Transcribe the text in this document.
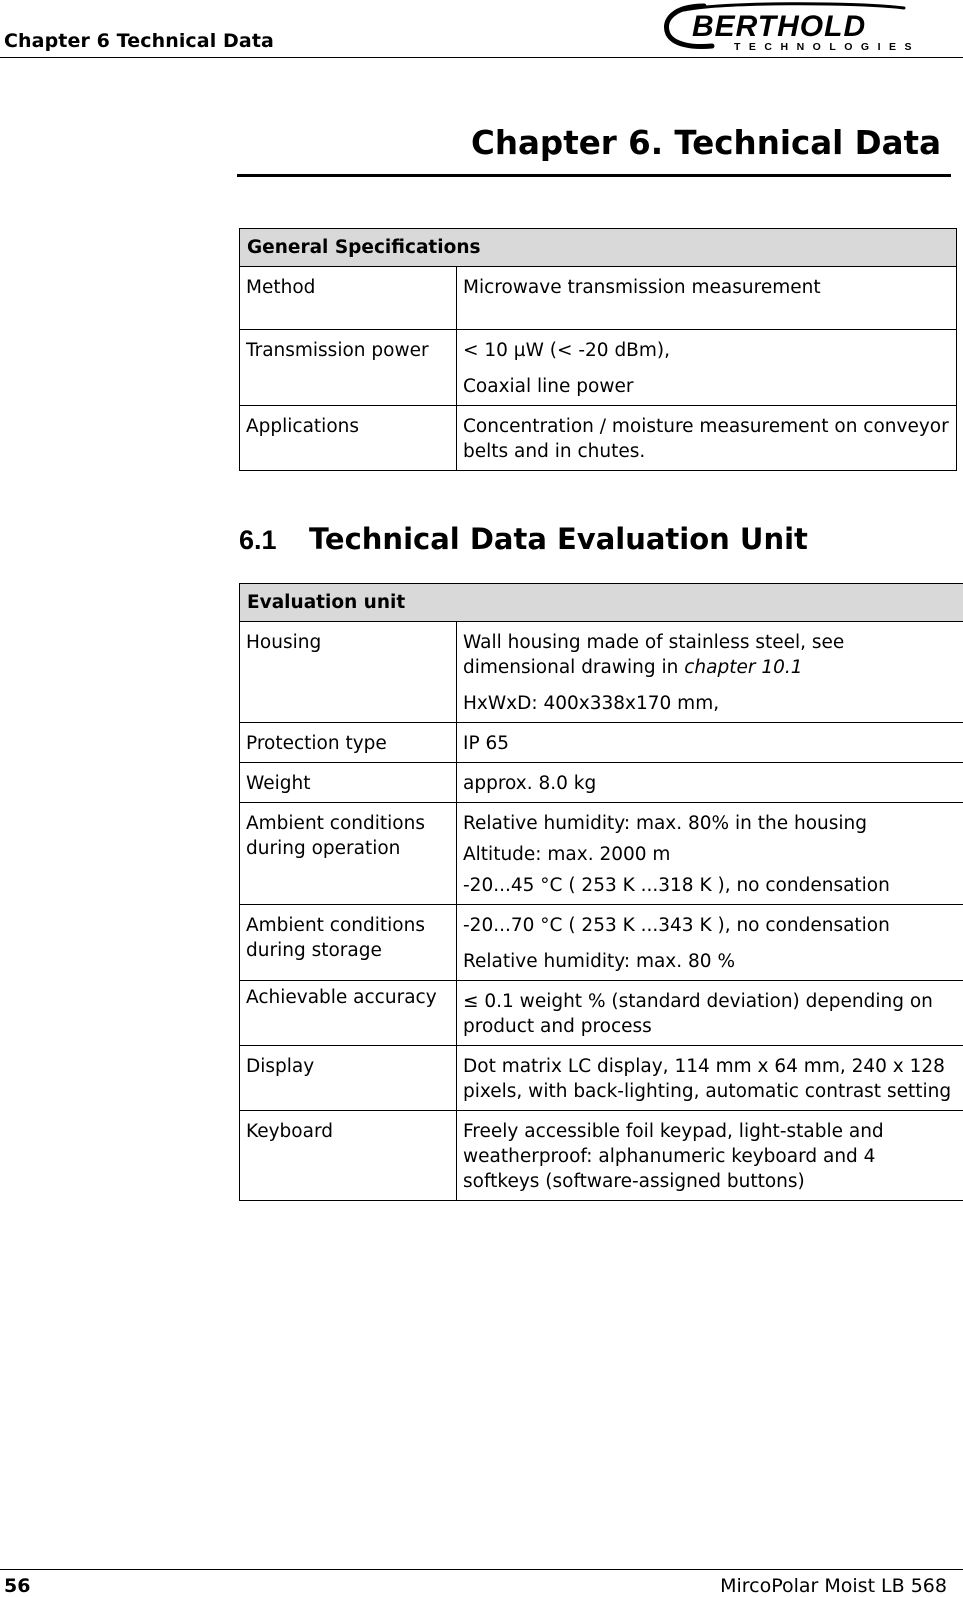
Chapter 6 Technical Data	BERTHOLD
TECHNOLOGIES
Chapter 6. Technical Data
General Specifications	
Method	Microwave transmission measurement

Transmission power	< 10 µW (< -20 dBm),

Coaxial line power

Applications	Concentration / moisture measurement on conveyor belts and in chutes.

6.1 Technical Data Evaluation Unit
Evaluation unit	
Housing	Wall housing made of stainless steel, see dimensional drawing in chapter 10.1

HxWxD: 400x338x170 mm,

Protection type	IP 65

Weight	approx. 8.0 kg

Ambient conditions during operation	Relative humidity: max. 80% in the housing

Altitude: max. 2000 m

-20...45 °C ( 253 K ...318 K ), no condensation

Ambient conditions during storage	-20...70 °C ( 253 K ...343 K ), no condensation

Relative humidity: max. 80 %

Achievable accuracy	≤ 0.1 weight % (standard deviation) depending on product and process

Display	Dot matrix LC display, 114 mm x 64 mm, 240 x 128 pixels, with back-lighting, automatic contrast setting

Keyboard	Freely accessible foil keypad, light-stable and weatherproof: alphanumeric keyboard and 4 softkeys (software-assigned buttons)

56	MircoPolar Moist LB 568
